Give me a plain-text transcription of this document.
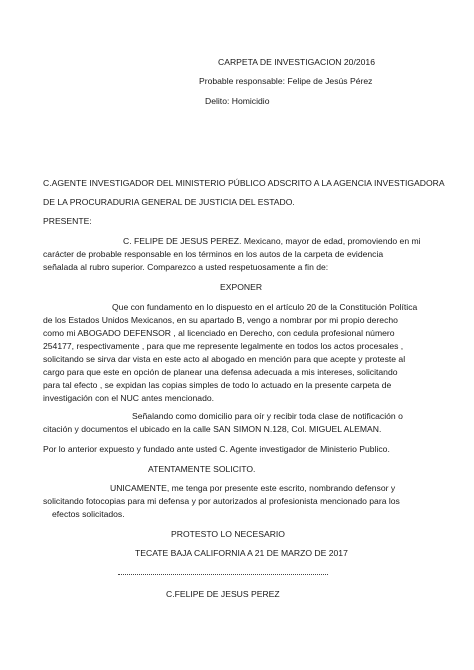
CARPETA DE INVESTIGACION 20/2016
Probable responsable: Felipe de Jesús Pérez
Delito: Homicidio
C.AGENTE INVESTIGADOR DEL MINISTERIO PÚBLICO ADSCRITO A LA AGENCIA INVESTIGADORA
DE LA PROCURADURIA GENERAL DE JUSTICIA DEL ESTADO.
PRESENTE:
C. FELIPE DE JESUS PEREZ. Mexicano, mayor de edad, promoviendo en mi
carácter de probable responsable en los términos en los autos de la carpeta de evidencia
señalada al rubro superior. Comparezco a usted respetuosamente a fin de:
EXPONER
Que con fundamento en lo dispuesto en el artículo 20 de la Constitución Política
de los Estados Unidos Mexicanos, en su apartado B, vengo a nombrar por mi propio derecho
como mi ABOGADO DEFENSOR , al licenciado en Derecho, con cedula profesional número
254177, respectivamente , para que me represente legalmente en todos los actos procesales ,
solicitando se sirva dar vista en este acto al abogado en mención para que acepte y proteste al
cargo para que este en opción de planear una defensa adecuada a mis intereses, solicitando
para tal efecto , se expidan las copias simples de todo lo actuado en la presente carpeta de
investigación con el NUC antes mencionado.
Señalando como domicilio para oír y recibir toda clase de notificación o
citación y documentos el ubicado en la calle SAN SIMON N.128, Col. MIGUEL ALEMAN.
Por lo anterior expuesto y fundado ante usted C. Agente investigador de Ministerio Publico.
ATENTAMENTE SOLICITO.
UNICAMENTE, me tenga por presente este escrito, nombrando defensor y
solicitando fotocopias para mi defensa y por autorizados al profesionista mencionado para los
efectos solicitados.
PROTESTO LO NECESARIO
TECATE BAJA CALIFORNIA A 21 DE MARZO DE 2017
C.FELIPE DE JESUS PEREZ
